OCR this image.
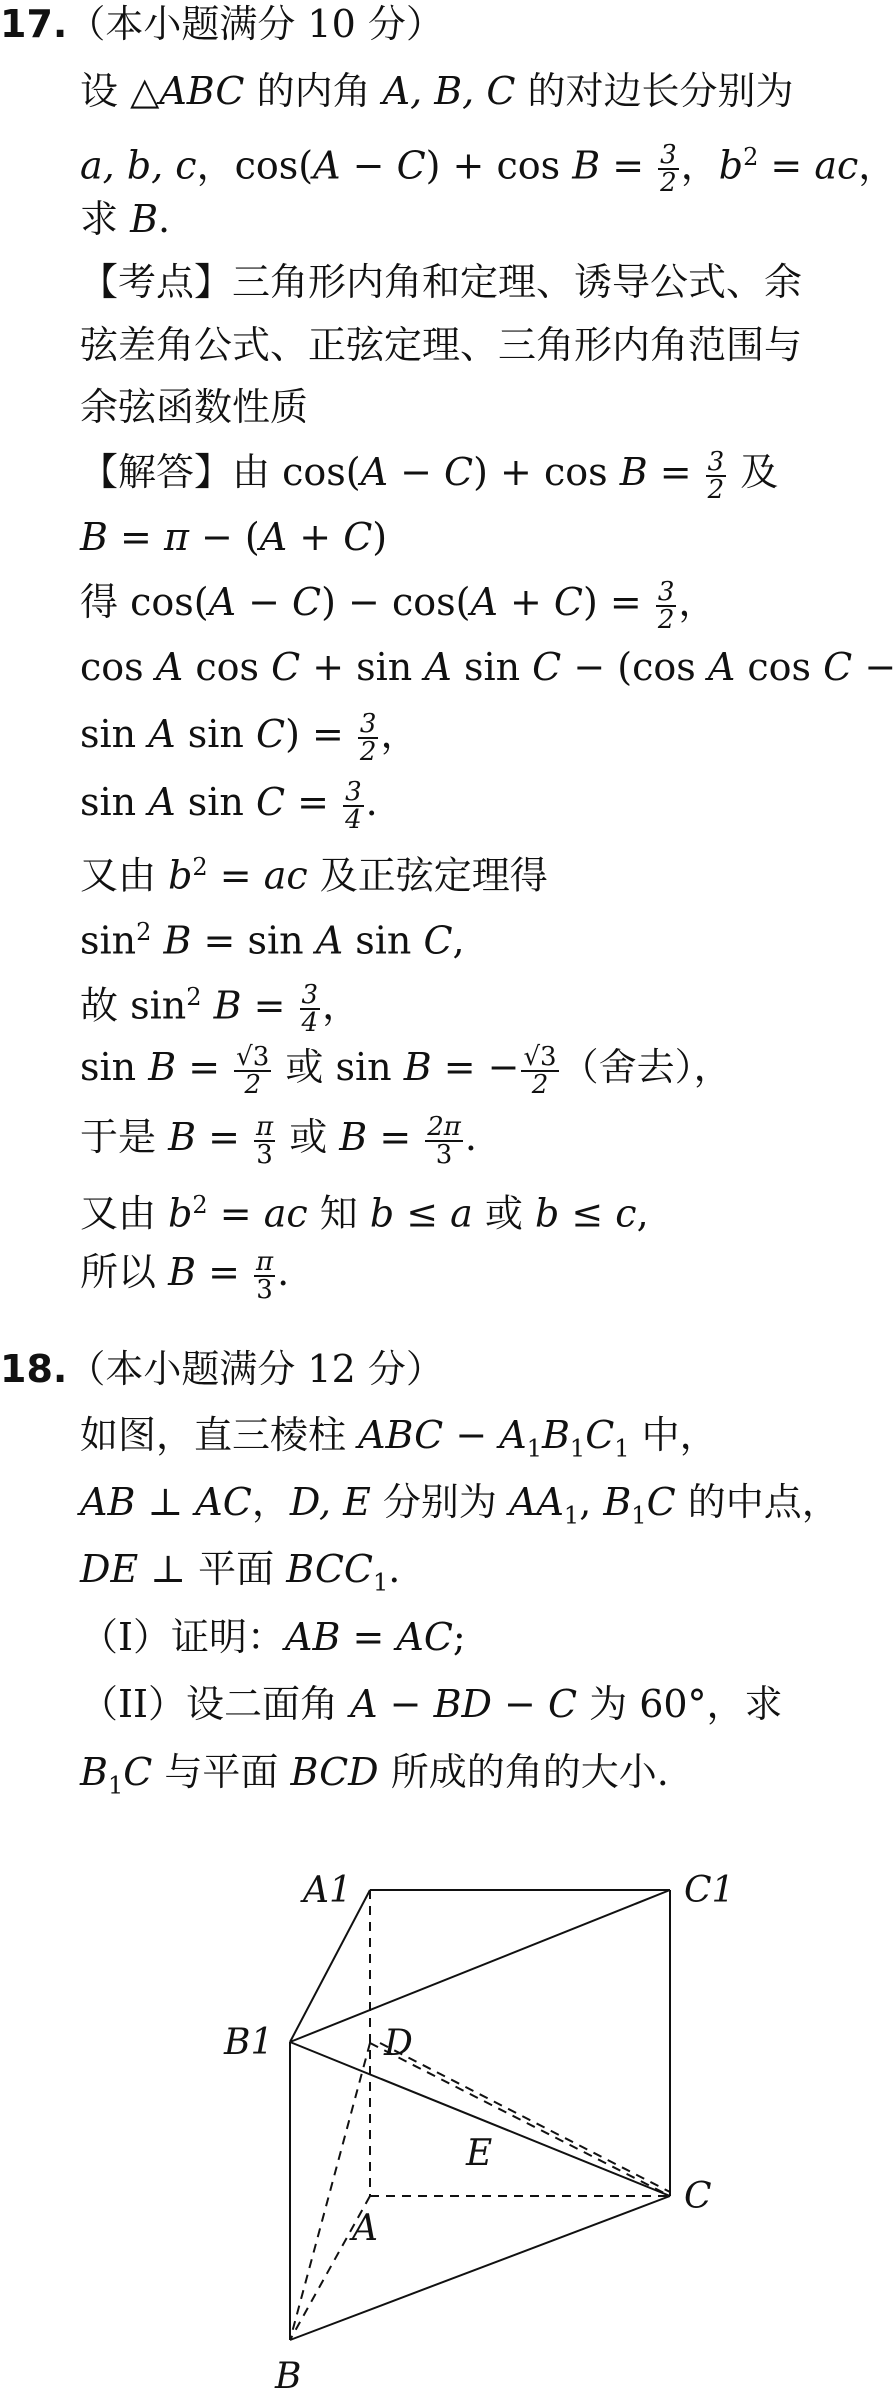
17.（本小题满分 10 分）
设 △ABC 的内角 A, B, C 的对边长分别为
a, b, c，$\cos(A - C) + \cos B = \frac{3}{2}$ ，$b^2$ = ac，
求 B.
【考点】三角形内角和定理、诱导公式、余
弦差角公式、正弦定理、三角形内角范围与
余弦函数性质
【解答】由 $\cos(A - C) + \cos B = \frac{3}{2}$ 及
B = π − (A + C)
得 $\cos(A - C) - \cos(A + C) = \frac{3}{2}$ ，
cos A cos C + sin A sin C − (cos A cos C −
sin A $\sin C) = \frac{3}{2}$ ，
sin A $\sin C = \frac{3}{4}$ .
又由 $b^2$ = ac 及正弦定理得
$\sin^2 B = \sin A$ sin C,
故 $\sin^2 B = \frac{3}{4}$ ，
$\sin B = \frac{√3}{2}$ 或 sin B = − $\frac{√3}{2}$ （舍去），
于是 $B = \frac{\pi}{3}$ 或 $B = \frac{2\pi}{3}$ .
又由 $b^2$ = ac 知 b ≤ a 或 b ≤ c,
所以 $B = \frac{\pi}{3}$ .
18.（本小题满分 12 分）
如图，直三棱柱 ABC − $A_1B_1C_1$ 中，
AB ⊥ AC，D, E 分别为 $AA_1$, $B_1C$ 的中点，
DE ⊥ 平面 $BCC_1$.
（I）证明：AB = AC;
（II）设二面角 A − BD − C 为 60°，求
$B_1C$ 与平面 BCD 所成的角的大小.
A1	C1
B1	D
E
C
A
B
